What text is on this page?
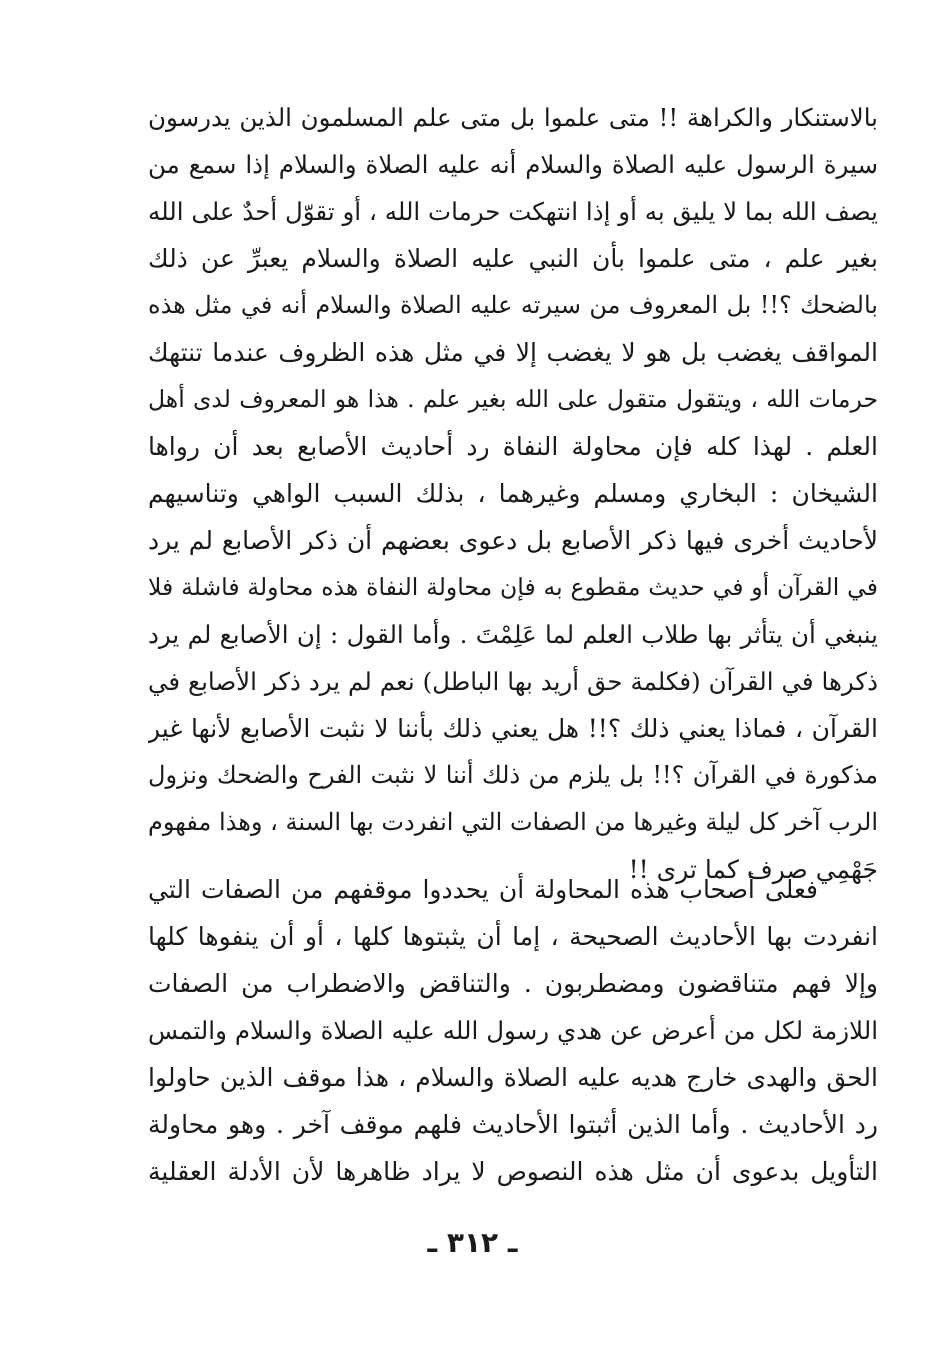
بالاستنكار والكراهة !! متى علموا بل متى علم المسلمون الذين يدرسون
سيرة الرسول عليه الصلاة والسلام أنه عليه الصلاة والسلام إذا سمع من
يصف الله بما لا يليق به أو إذا انتهكت حرمات الله ، أو تقوّل أحدٌ على الله
بغير علم ، متى علموا بأن النبي عليه الصلاة والسلام يعبرِّ عن ذلك
بالضحك ؟!! بل المعروف من سيرته عليه الصلاة والسلام أنه في مثل هذه
المواقف يغضب بل هو لا يغضب إلا في مثل هذه الظروف عندما تنتهك
حرمات الله ، ويتقول متقول على الله بغير علم . هذا هو المعروف لدى أهل
العلم . لهذا كله فإن محاولة النفاة رد أحاديث الأصابع بعد أن رواها
الشيخان : البخاري ومسلم وغيرهما ، بذلك السبب الواهي وتناسيهم
لأحاديث أخرى فيها ذكر الأصابع بل دعوى بعضهم أن ذكر الأصابع لم يرد
في القرآن أو في حديث مقطوع به فإن محاولة النفاة هذه محاولة فاشلة فلا
ينبغي أن يتأثر بها طلاب العلم لما عَلِمْتَ . وأما القول : إن الأصابع لم يرد
ذكرها في القرآن (فكلمة حق أريد بها الباطل) نعم لم يرد ذكر الأصابع في
القرآن ، فماذا يعني ذلك ؟!! هل يعني ذلك بأننا لا نثبت الأصابع لأنها غير
مذكورة في القرآن ؟!! بل يلزم من ذلك أننا لا نثبت الفرح والضحك ونزول
الرب آخر كل ليلة وغيرها من الصفات التي انفردت بها السنة ، وهذا مفهوم
جَهْمِي صرف كما ترى !!
فعلى أصحاب هذه المحاولة أن يحددوا موقفهم من الصفات التي
انفردت بها الأحاديث الصحيحة ، إما أن يثبتوها كلها ، أو أن ينفوها كلها
وإلا فهم متناقضون ومضطربون . والتناقض والاضطراب من الصفات
اللازمة لكل من أعرض عن هدي رسول الله عليه الصلاة والسلام والتمس
الحق والهدى خارج هديه عليه الصلاة والسلام ، هذا موقف الذين حاولوا
رد الأحاديث . وأما الذين أثبتوا الأحاديث فلهم موقف آخر . وهو محاولة
التأويل بدعوى أن مثل هذه النصوص لا يراد ظاهرها لأن الأدلة العقلية
ـ ٣١٢ ـ
